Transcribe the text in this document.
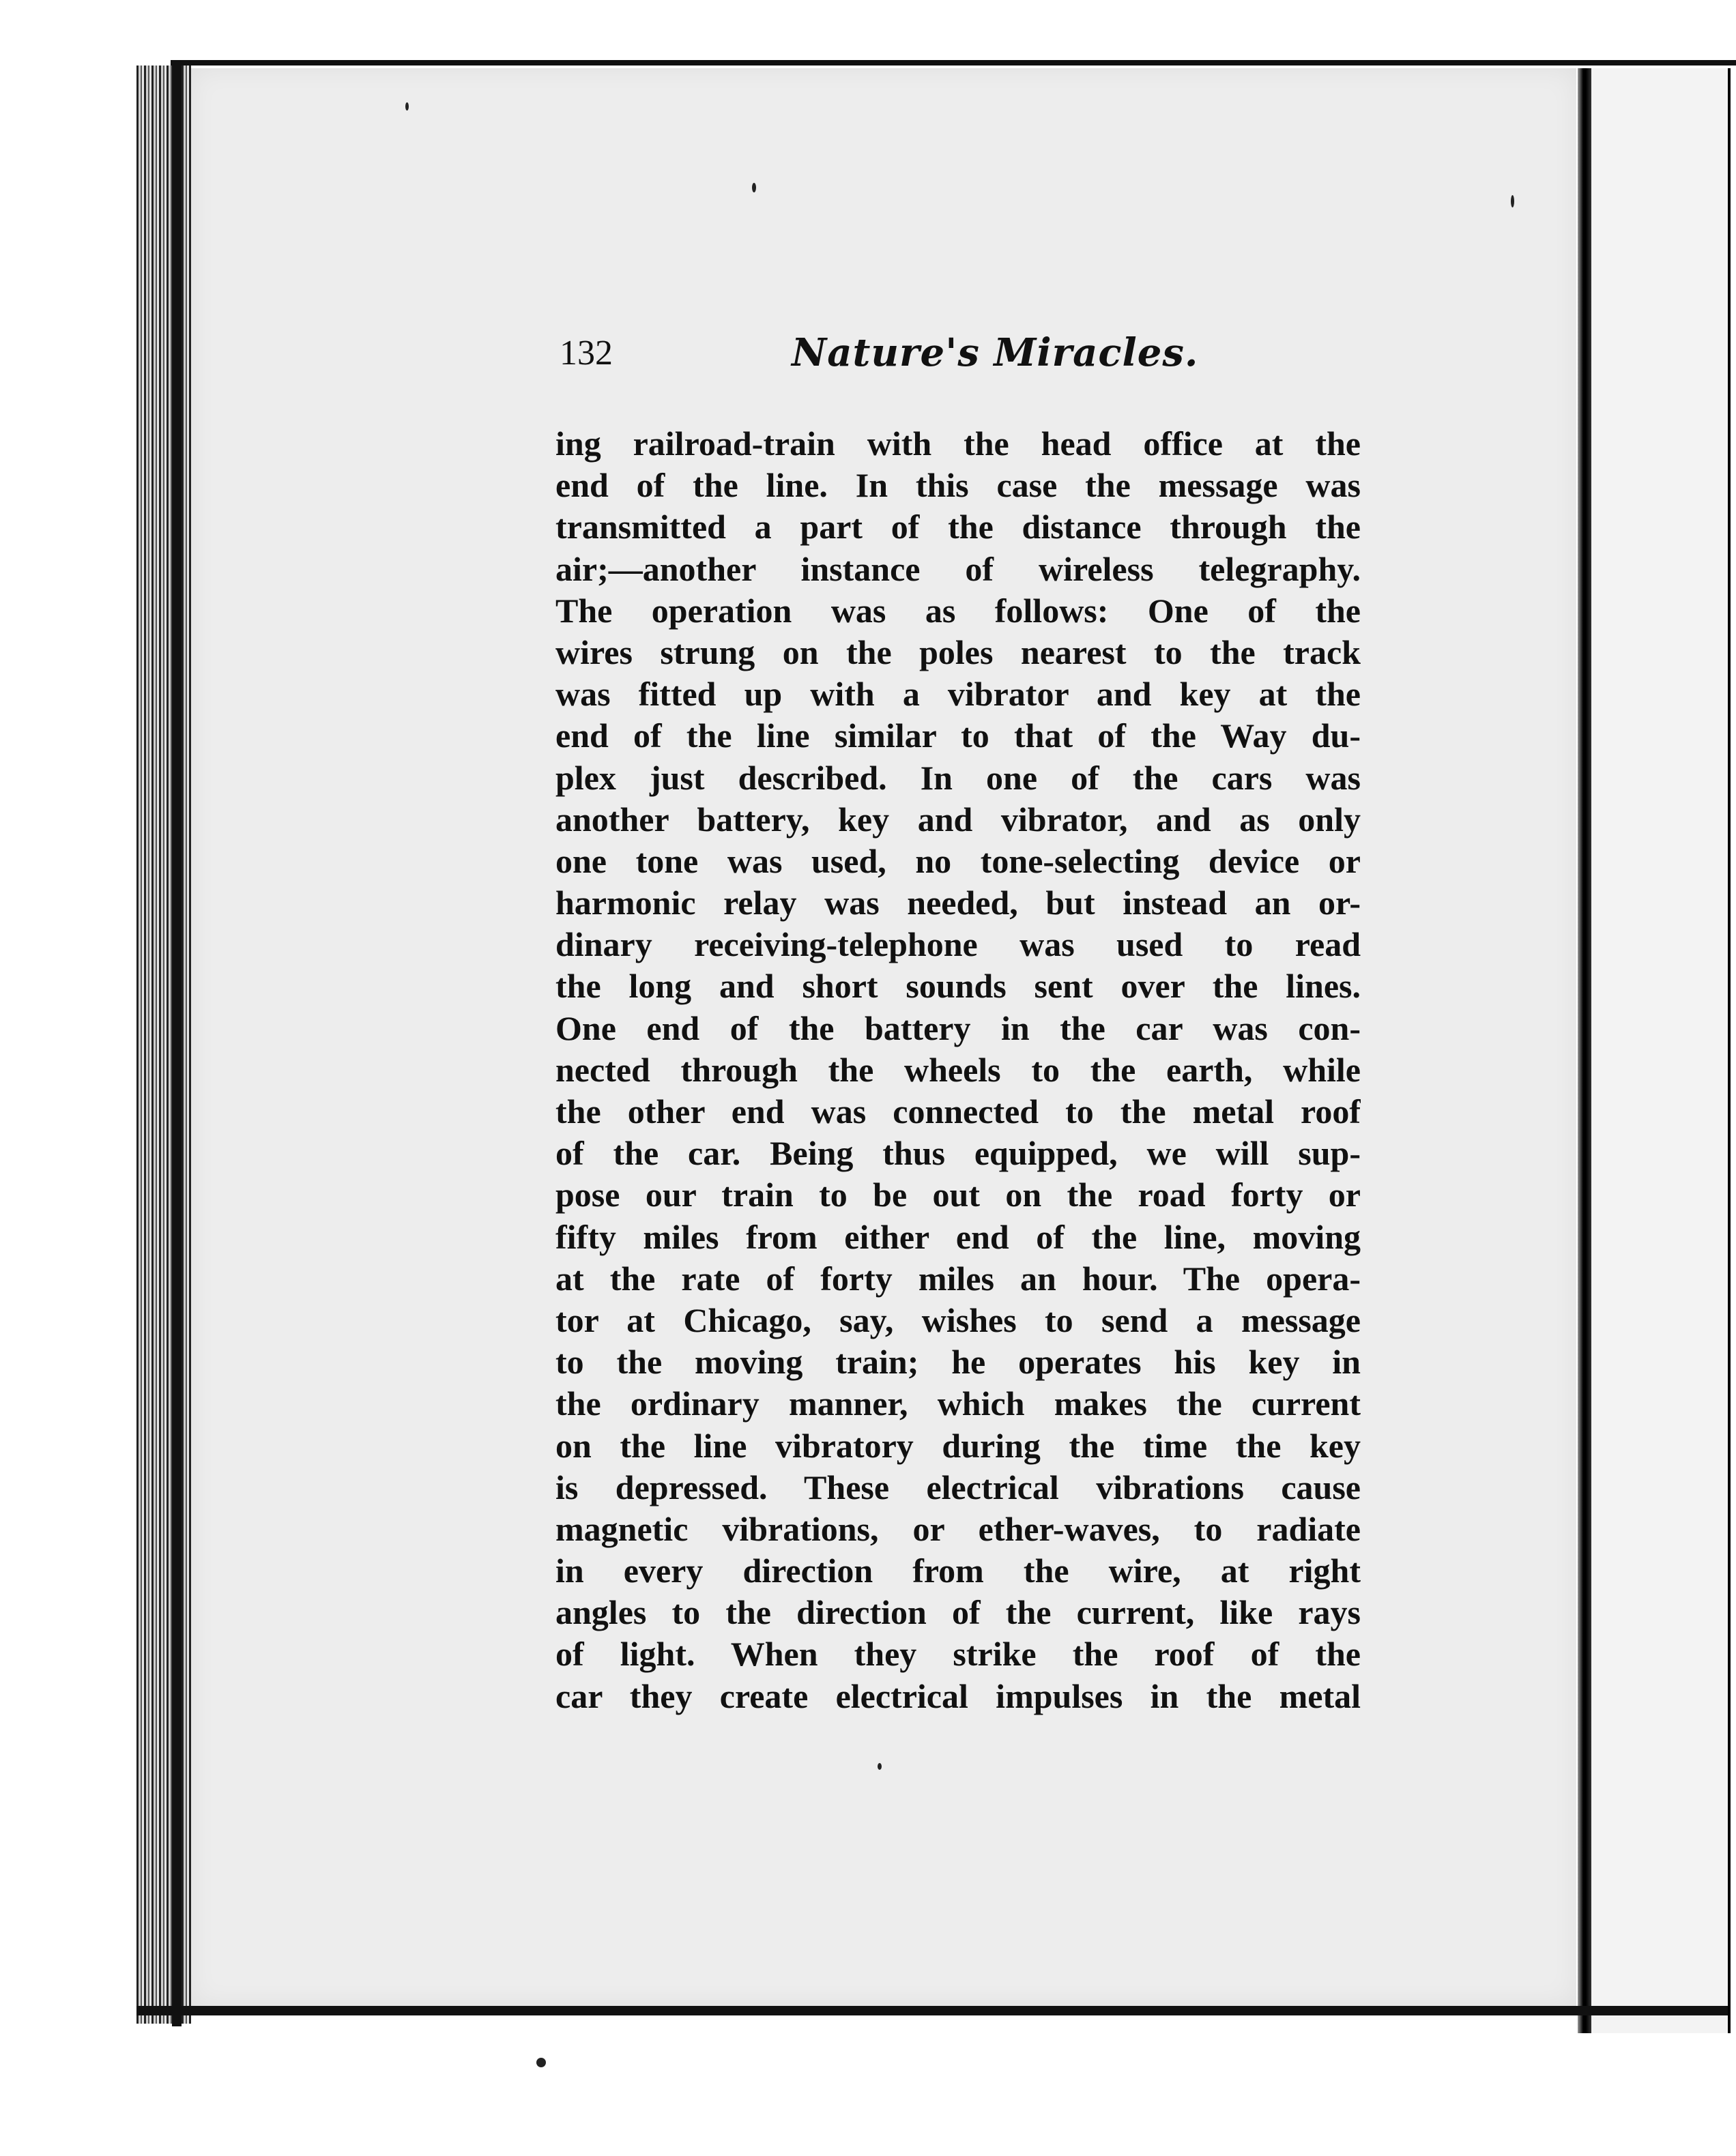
132	Nature's Miracles.
ing railroad-train with the head office at the
end of the line. In this case the message was
transmitted a part of the distance through the
air;—another instance of wireless telegraphy.
The operation was as follows: One of the
wires strung on the poles nearest to the track
was fitted up with a vibrator and key at the
end of the line similar to that of the Way du-
plex just described. In one of the cars was
another battery, key and vibrator, and as only
one tone was used, no tone-selecting device or
harmonic relay was needed, but instead an or-
dinary receiving-telephone was used to read
the long and short sounds sent over the lines.
One end of the battery in the car was con-
nected through the wheels to the earth, while
the other end was connected to the metal roof
of the car. Being thus equipped, we will sup-
pose our train to be out on the road forty or
fifty miles from either end of the line, moving
at the rate of forty miles an hour. The opera-
tor at Chicago, say, wishes to send a message
to the moving train; he operates his key in
the ordinary manner, which makes the current
on the line vibratory during the time the key
is depressed. These electrical vibrations cause
magnetic vibrations, or ether-waves, to radiate
in every direction from the wire, at right
angles to the direction of the current, like rays
of light. When they strike the roof of the
car they create electrical impulses in the metal
